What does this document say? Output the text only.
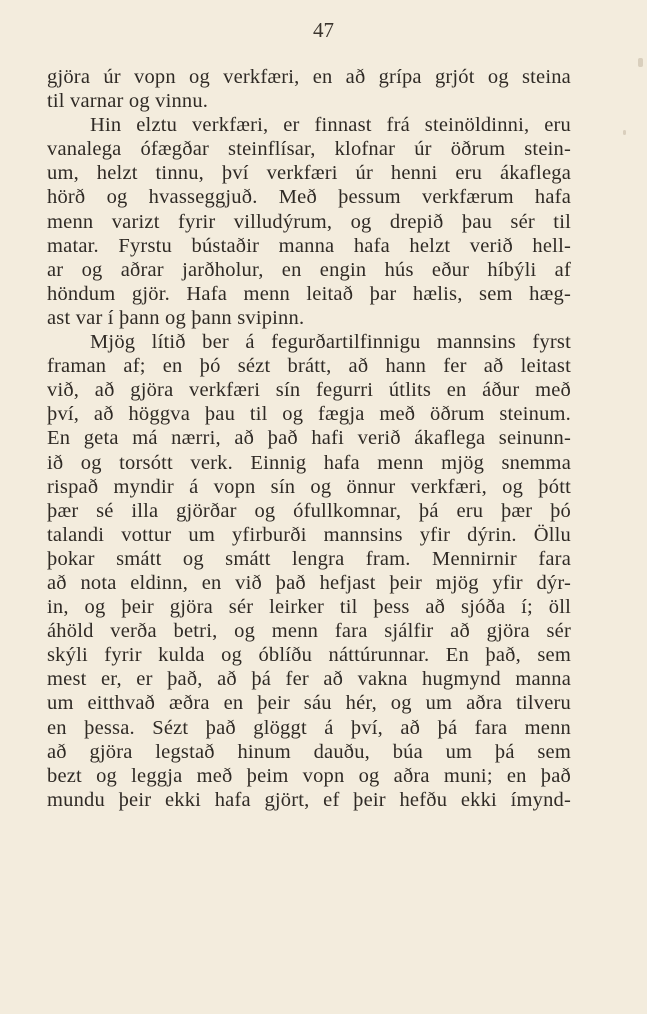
47
gjöra úr vopn og verkfæri, en að grípa grjót og steina
til varnar og vinnu.
Hin elztu verkfæri, er finnast frá steinöldinni, eru
vanalega ófægðar steinflísar, klofnar úr öðrum stein-
um, helzt tinnu, því verkfæri úr henni eru ákaflega
hörð og hvasseggjuð. Með þessum verkfærum hafa
menn varizt fyrir villudýrum, og drepið þau sér til
matar. Fyrstu bústaðir manna hafa helzt verið hell-
ar og aðrar jarðholur, en engin hús eður híbýli af
höndum gjör. Hafa menn leitað þar hælis, sem hæg-
ast var í þann og þann svipinn.
Mjög lítið ber á fegurðartilfinnigu mannsins fyrst
framan af; en þó sézt brátt, að hann fer að leitast
við, að gjöra verkfæri sín fegurri útlits en áður með
því, að höggva þau til og fægja með öðrum steinum.
En geta má nærri, að það hafi verið ákaflega seinunn-
ið og torsótt verk. Einnig hafa menn mjög snemma
rispað myndir á vopn sín og önnur verkfæri, og þótt
þær sé illa gjörðar og ófullkomnar, þá eru þær þó
talandi vottur um yfirburði mannsins yfir dýrin. Öllu
þokar smátt og smátt lengra fram. Mennirnir fara
að nota eldinn, en við það hefjast þeir mjög yfir dýr-
in, og þeir gjöra sér leirker til þess að sjóða í; öll
áhöld verða betri, og menn fara sjálfir að gjöra sér
skýli fyrir kulda og óblíðu náttúrunnar. En það, sem
mest er, er það, að þá fer að vakna hugmynd manna
um eitthvað æðra en þeir sáu hér, og um aðra tilveru
en þessa. Sézt það glöggt á því, að þá fara menn
að gjöra legstað hinum dauðu, búa um þá sem
bezt og leggja með þeim vopn og aðra muni; en það
mundu þeir ekki hafa gjört, ef þeir hefðu ekki ímynd-
